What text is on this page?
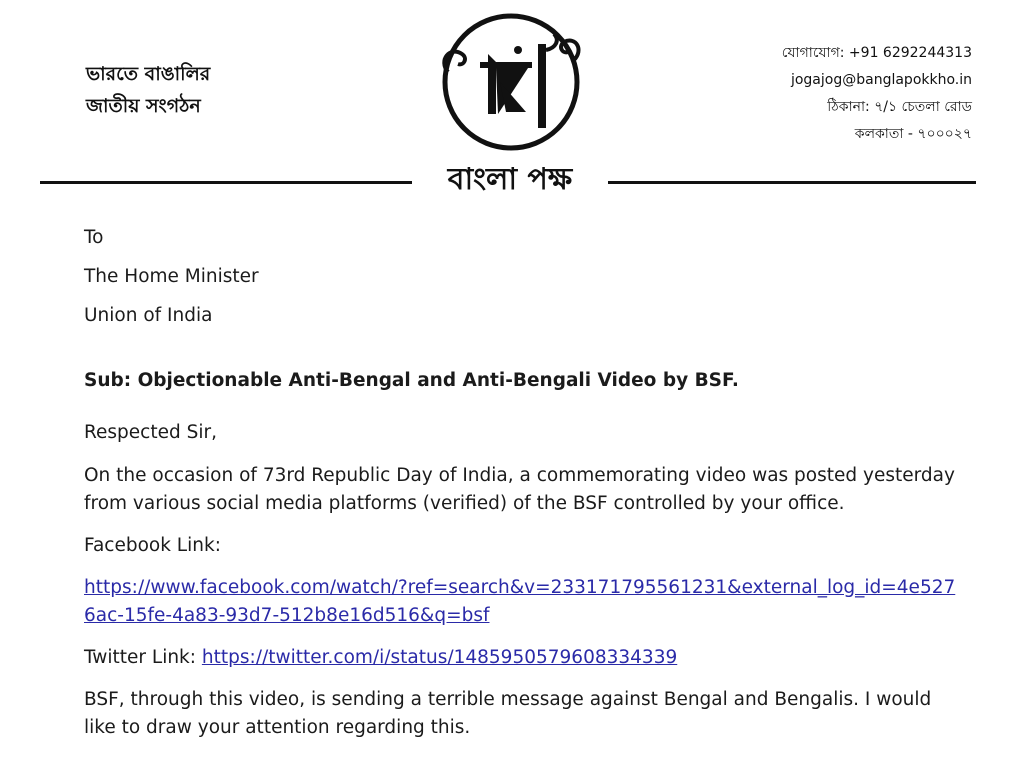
ভারতে বাঙালির
জাতীয় সংগঠন
যোগাযোগ: +91 6292244313
jogajog@banglapokkho.in
ঠিকানা: ৭/১ চেতলা রোড
কলকাতা - ৭০০০২৭
বাংলা পক্ষ
To
The Home Minister
Union of India
Sub: Objectionable Anti-Bengal and Anti-Bengali Video by BSF.
Respected Sir,
On the occasion of 73rd Republic Day of India, a commemorating video was posted yesterday from various social media platforms (verified) of the BSF controlled by your office.
Facebook Link:
https://www.facebook.com/watch/?ref=search&v=233171795561231&external_log_id=4e5276ac-15fe-4a83-93d7-512b8e16d516&q=bsf
Twitter Link: https://twitter.com/i/status/1485950579608334339
BSF, through this video, is sending a terrible message against Bengal and Bengalis. I would like to draw your attention regarding this.
